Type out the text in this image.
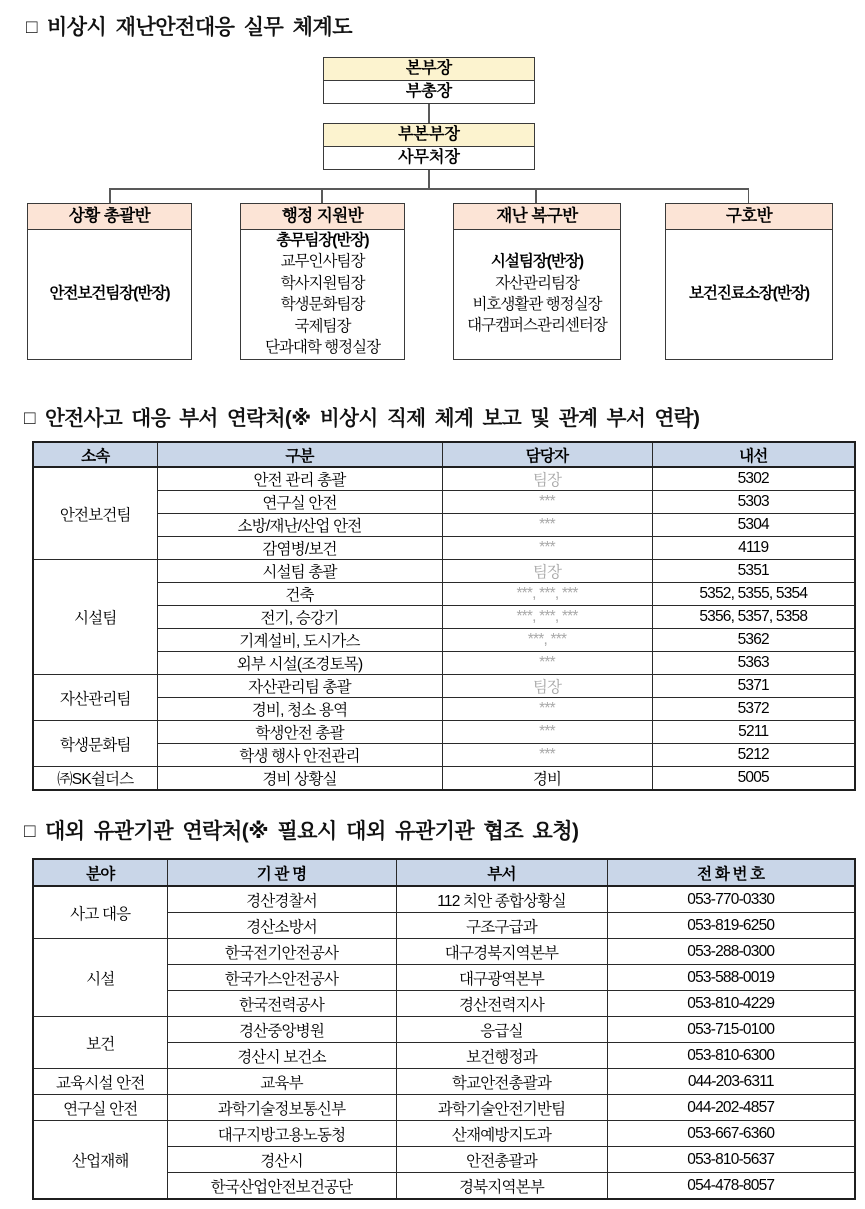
□ 비상시 재난안전대응 실무 체계도
본부장
부총장
부본부장
사무처장
상황 총괄반
안전보건팀장(반장)
행정 지원반
총무팀장(반장)
교무인사팀장
학사지원팀장
학생문화팀장
국제팀장
단과대학 행정실장
재난 복구반
시설팀장(반장)
자산관리팀장
비호생활관 행정실장
대구캠퍼스관리센터장
구호반
보건진료소장(반장)
□ 안전사고 대응 부서 연락처(※ 비상시 직제 체계 보고 및 관계 부서 연락)
소속	구분	담당자	내선
안전보건팀	안전 관리 총괄	팀장	5302
	연구실 안전	***	5303
	소방/재난/산업 안전	***	5304
	감염병/보건	***	4119
시설팀	시설팀 총괄	팀장	5351
	건축	***, ***, ***	5352, 5355, 5354
	전기, 승강기	***, ***, ***	5356, 5357, 5358
	기계설비, 도시가스	***, ***	5362
	외부 시설(조경토목)	***	5363
자산관리팀	자산관리팀 총괄	팀장	5371
	경비, 청소 용역	***	5372
학생문화팀	학생안전 총괄	***	5211
	학생 행사 안전관리	***	5212
㈜SK쉴더스	경비 상황실	경비	5005
□ 대외 유관기관 연락처(※ 필요시 대외 유관기관 협조 요청)
분야	기 관 명	부서	전 화 번 호
사고 대응	경산경찰서	112 치안 종합상황실	053-770-0330
	경산소방서	구조구급과	053-819-6250
시설	한국전기안전공사	대구경북지역본부	053-288-0300
	한국가스안전공사	대구광역본부	053-588-0019
	한국전력공사	경산전력지사	053-810-4229
보건	경산중앙병원	응급실	053-715-0100
	경산시 보건소	보건행정과	053-810-6300
교육시설 안전	교육부	학교안전총괄과	044-203-6311
연구실 안전	과학기술정보통신부	과학기술안전기반팀	044-202-4857
산업재해	대구지방고용노동청	산재예방지도과	053-667-6360
	경산시	안전총괄과	053-810-5637
	한국산업안전보건공단	경북지역본부	054-478-8057
